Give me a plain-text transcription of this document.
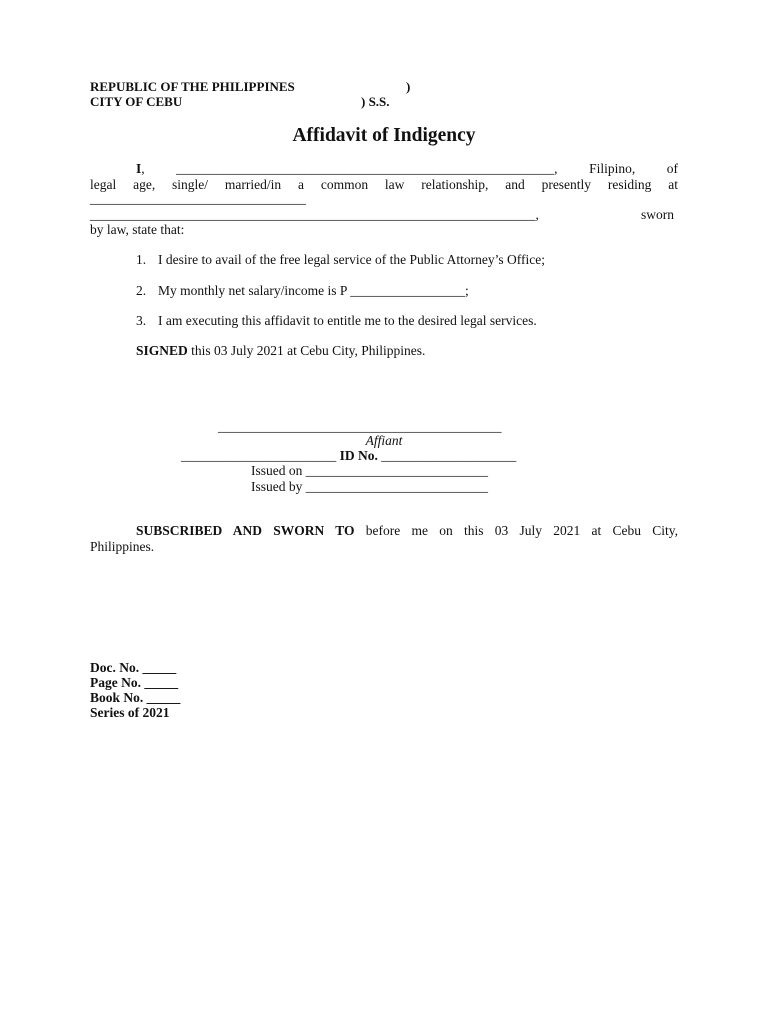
REPUBLIC OF THE PHILIPPINES	)
CITY OF CEBU	) S.S.
Affidavit of Indigency
I, ________________________________________________________, Filipino, of
legal age, single/ married/in a common law relationship, and presently residing at
________________________________
__________________________________________________________________,	sworn
by law, state that:
1. I desire to avail of the free legal service of the Public Attorney’s Office;
2. My monthly net salary/income is P _________________;
3. I am executing this affidavit to entitle me to the desired legal services.
SIGNED this 03 July 2021 at Cebu City, Philippines.
__________________________________________
Affiant
_______________________ ID No. ____________________
Issued on ___________________________
Issued by ___________________________
SUBSCRIBED AND SWORN TO before me on this 03 July 2021 at Cebu City,
Philippines.
Doc. No. _____
Page No. _____
Book No. _____
Series of 2021
